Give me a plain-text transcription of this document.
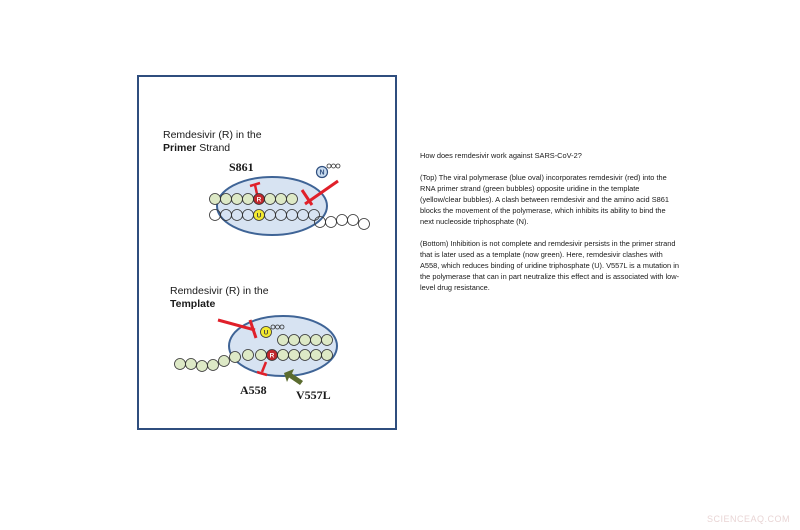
R
U
N
R
U
Remdesivir (R) in the
Primer Strand
S861
Remdesivir (R) in the
Template
A558 V557L

How does remdesivir work against SARS-CoV-2?

(Top) The viral polymerase (blue oval) incorporates remdesivir (red) into the RNA primer strand (green bubbles) opposite uridine in the template (yellow/clear bubbles). A clash between remdesivir and the amino acid S861 blocks the movement of the polymerase, which inhibits its ability to bind the next nucleoside triphosphate (N).

(Bottom) Inhibition is not complete and remdesivir persists in the primer strand that is later used as a template (now green). Here, remdesivir clashes with A558, which reduces binding of uridine triphosphate (U). V557L is a mutation in the polymerase that can in part neutralize this effect and is associated with low-level drug resistance.

SCIENCEAQ.COM
